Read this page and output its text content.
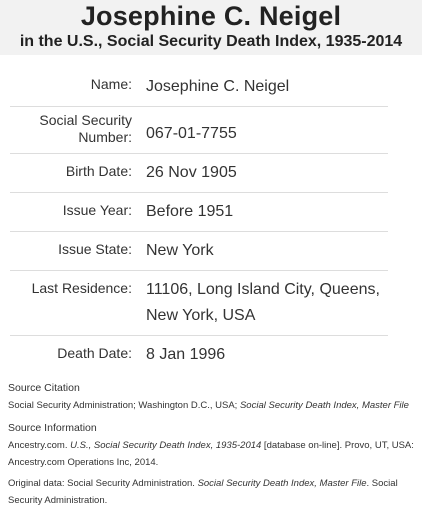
Josephine C. Neigel
in the U.S., Social Security Death Index, 1935-2014
Name:	Josephine C. Neigel
Social Security Number:	067-01-7755
Birth Date:	26 Nov 1905
Issue Year:	Before 1951
Issue State:	New York
Last Residence:	11106, Long Island City, Queens, New York, USA
Death Date:	8 Jan 1996
Source Citation
Social Security Administration; Washington D.C., USA; Social Security Death Index, Master File
Source Information
Ancestry.com. U.S., Social Security Death Index, 1935-2014 [database on-line]. Provo, UT, USA: Ancestry.com Operations Inc, 2014.
Original data: Social Security Administration. Social Security Death Index, Master File. Social Security Administration.
